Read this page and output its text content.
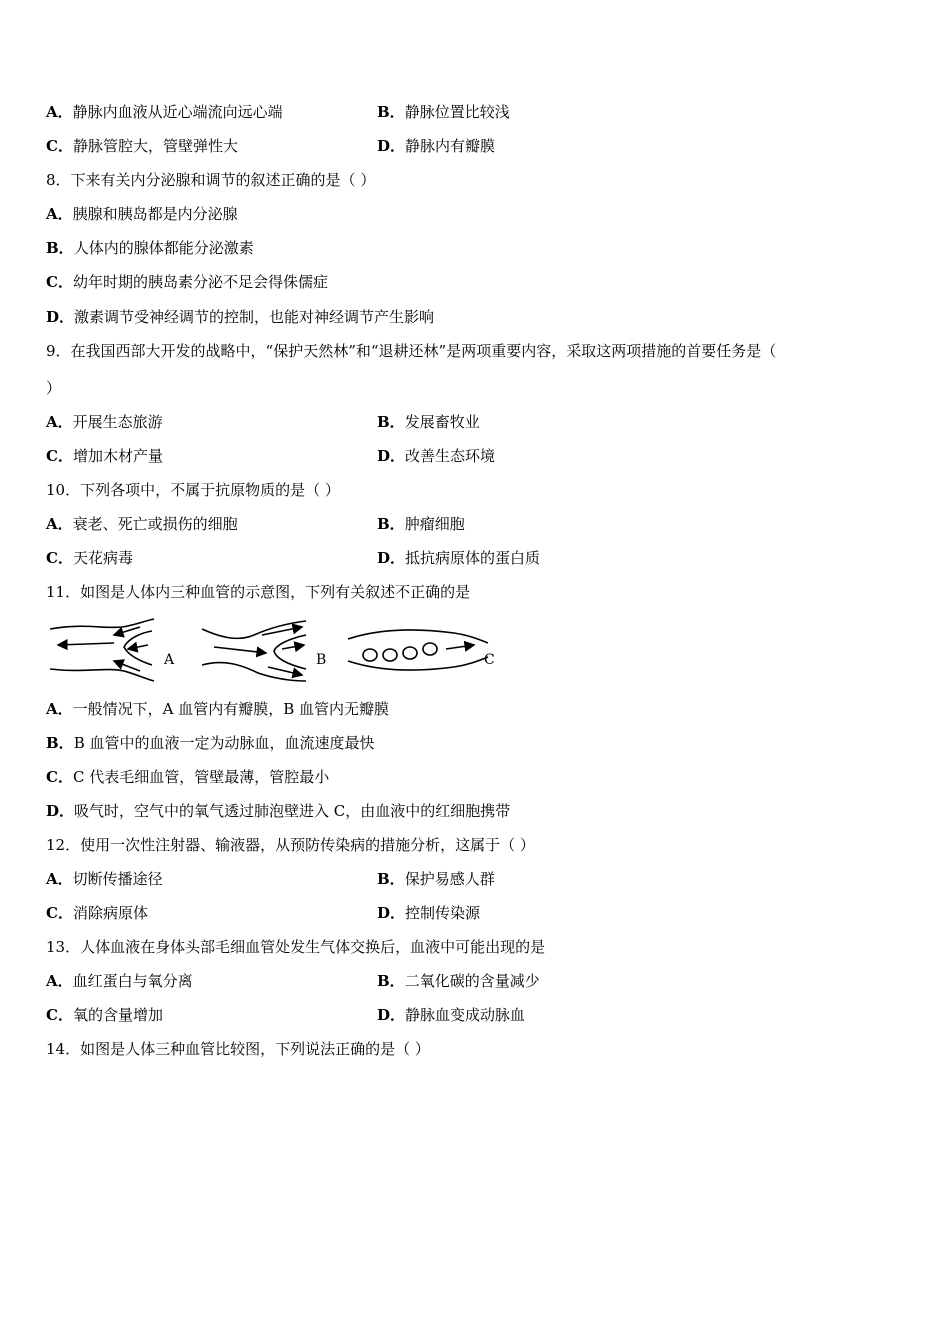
A．静脉内血液从近心端流向远心端	B．静脉位置比较浅
C．静脉管腔大，管壁弹性大	D．静脉内有瓣膜
8．下来有关内分泌腺和调节的叙述正确的是（ ）
A．胰腺和胰岛都是内分泌腺
B．人体内的腺体都能分泌激素
C．幼年时期的胰岛素分泌不足会得侏儒症
D．激素调节受神经调节的控制，也能对神经调节产生影响
9．在我国西部大开发的战略中，“保护天然林”和“退耕还林”是两项重要内容，采取这两项措施的首要任务是（
）
A．开展生态旅游	B．发展畜牧业
C．增加木材产量	D．改善生态环境
10．下列各项中，不属于抗原物质的是（ ）
A．衰老、死亡或损伤的细胞	B．肿瘤细胞
C．天花病毒	D．抵抗病原体的蛋白质
11．如图是人体内三种血管的示意图，下列有关叙述不正确的是
A	B	C
A．一般情况下，A 血管内有瓣膜，B 血管内无瓣膜
B．B 血管中的血液一定为动脉血，血流速度最快
C．C 代表毛细血管，管壁最薄，管腔最小
D．吸气时，空气中的氧气透过肺泡壁进入 C，由血液中的红细胞携带
12．使用一次性注射器、输液器，从预防传染病的措施分析，这属于（ ）
A．切断传播途径	B．保护易感人群
C．消除病原体	D．控制传染源
13．人体血液在身体头部毛细血管处发生气体交换后，血液中可能出现的是
A．血红蛋白与氧分离	B．二氧化碳的含量减少
C．氧的含量增加	D．静脉血变成动脉血
14．如图是人体三种血管比较图，下列说法正确的是（ ）
